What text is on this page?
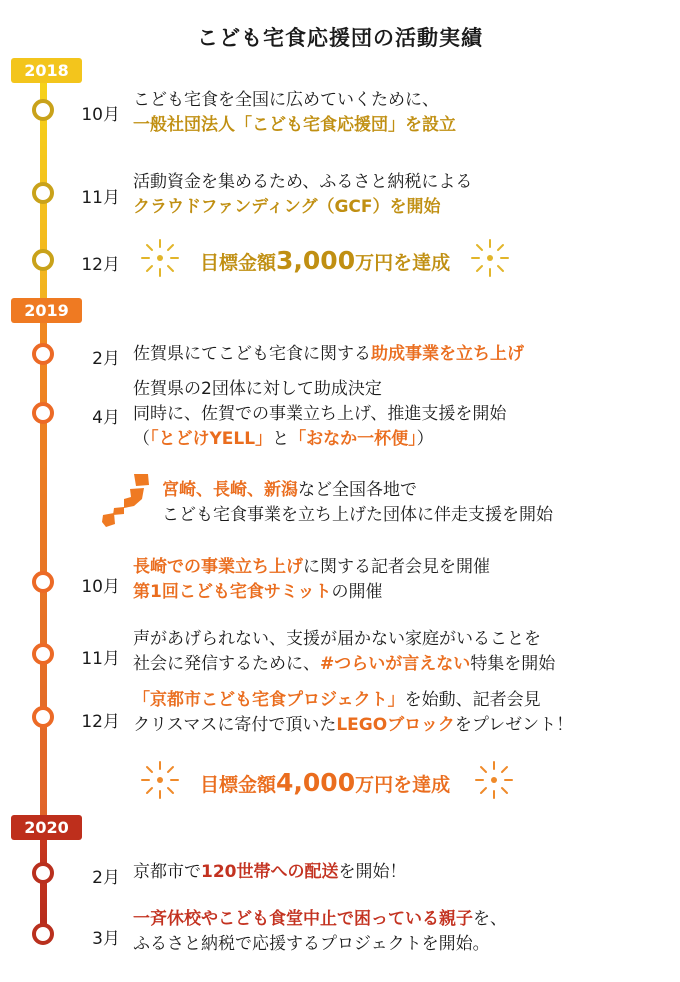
こども宅食応援団の活動実績
2018
2019
2020
10月
こども宅食を全国に広めていくために、
一般社団法人「こども宅食応援団」を設立
11月
活動資金を集めるため、ふるさと納税による
クラウドファンディング（GCF）を開始
12月	目標金額3,000万円を達成
2月 佐賀県にてこども宅食に関する助成事業を立ち上げ
4月
佐賀県の2団体に対して助成決定
同時に、佐賀での事業立ち上げ、推進支援を開始
（「とどけYELL」と「おなか一杯便」）
宮崎、長崎、新潟など全国各地で
こども宅食事業を立ち上げた団体に伴走支援を開始
10月
長崎での事業立ち上げに関する記者会見を開催
第1回こども宅食サミットの開催
11月
声があげられない、支援が届かない家庭がいることを
社会に発信するために、#つらいが言えない特集を開始
12月
「京都市こども宅食プロジェクト」を始動、記者会見
クリスマスに寄付で頂いたLEGOブロックをプレゼント！
目標金額4,000万円を達成
2月 京都市で120世帯への配送を開始！
3月
一斉休校やこども食堂中止で困っている親子を、
ふるさと納税で応援するプロジェクトを開始。
